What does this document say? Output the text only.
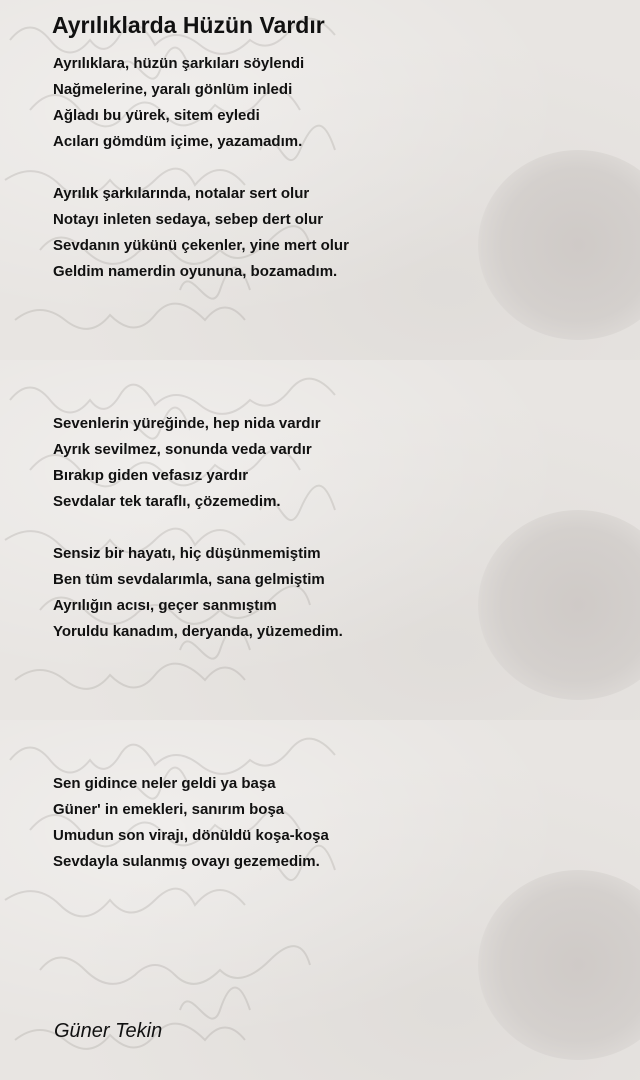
Ayrılıklarda Hüzün Vardır
Ayrılıklara, hüzün şarkıları söylendi
Nağmelerine, yaralı gönlüm inledi
Ağladı bu yürek, sitem eyledi
Acıları gömdüm içime, yazamadım.
Ayrılık şarkılarında, notalar sert olur
Notayı inleten sedaya, sebep dert olur
Sevdanın yükünü çekenler, yine mert olur
Geldim namerdin oyununa, bozamadım.
Sevenlerin yüreğinde, hep nida vardır
Ayrık sevilmez, sonunda veda vardır
Bırakıp giden vefasız yardır
Sevdalar tek taraflı, çözemedim.
Sensiz bir hayatı, hiç düşünmemiştim
Ben tüm sevdalarımla, sana gelmiştim
Ayrılığın acısı, geçer sanmıştım
Yoruldu kanadım, deryanda, yüzemedim.
Sen gidince neler geldi ya başa
Güner' in emekleri, sanırım boşa
Umudun son virajı, dönüldü koşa-koşa
Sevdayla sulanmış ovayı gezemedim.
Güner Tekin
